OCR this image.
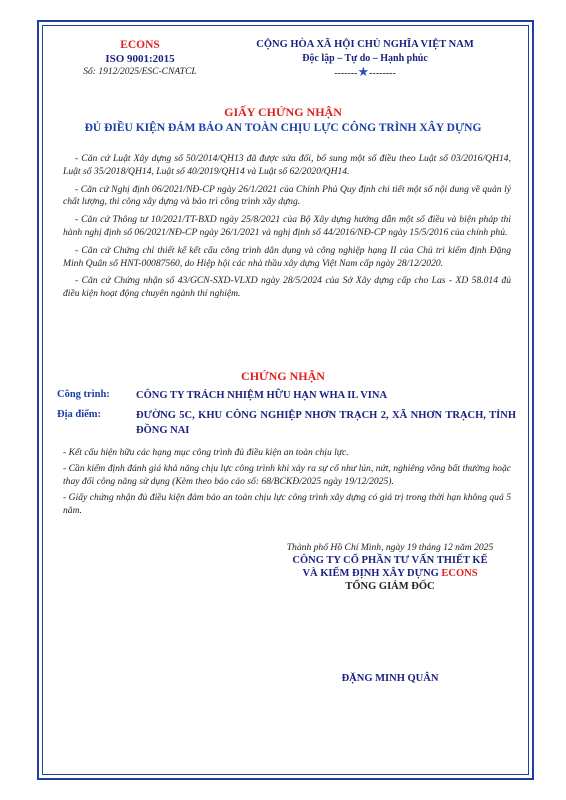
ECONS
ISO 9001:2015
Số: 1912/2025/ESC-CNATCL
CỘNG HÒA XÃ HỘI CHỦ NGHĨA VIỆT NAM
Độc lập – Tự do – Hạnh phúc
-------★--------
GIẤY CHỨNG NHẬN
ĐỦ ĐIỀU KIỆN ĐẢM BẢO AN TOÀN CHỊU LỰC CÔNG TRÌNH XÂY DỰNG

- Căn cứ Luật Xây dựng số 50/2014/QH13 đã được sửa đổi, bổ sung một số điều theo Luật số 03/2016/QH14, Luật số 35/2018/QH14, Luật số 40/2019/QH14 và Luật số 62/2020/QH14.

- Căn cứ Nghị định 06/2021/NĐ-CP ngày 26/1/2021 của Chính Phủ Quy định chi tiết một số nội dung về quản lý chất lượng, thi công xây dựng và bảo trì công trình xây dựng.

- Căn cứ Thông tư 10/2021/TT-BXD ngày 25/8/2021 của Bộ Xây dựng hướng dẫn một số điều và biện pháp thi hành nghị định số 06/2021/NĐ-CP ngày 26/1/2021 và nghị định số 44/2016/NĐ-CP ngày 15/5/2016 của chính phủ.

- Căn cứ Chứng chỉ thiết kế kết cấu công trình dân dụng và công nghiệp hạng II của Chủ trì kiểm định Đặng Minh Quân số HNT-00087560, do Hiệp hội các nhà thầu xây dựng Việt Nam cấp ngày 28/12/2020.

- Căn cứ Chứng nhận số 43/GCN-SXD-VLXD ngày 28/5/2024 của Sở Xây dựng cấp cho Las - XD 58.014 đủ điều kiện hoạt động chuyên ngành thí nghiệm.

CHỨNG NHẬN
Công trình: CÔNG TY TRÁCH NHIỆM HỮU HẠN WHA IL VINA
Địa điểm:	ĐƯỜNG 5C, KHU CÔNG NGHIỆP NHƠN TRẠCH 2, XÃ NHƠN TRẠCH, TỈNH ĐỒNG NAI

- Kết cấu hiện hữu các hạng mục công trình đủ điều kiện an toàn chịu lực.

- Cần kiểm định đánh giá khả năng chịu lực công trình khi xảy ra sự cố như lún, nứt, nghiêng võng bất thường hoặc thay đổi công năng sử dụng (Kèm theo báo cáo số: 68/BCKĐ/2025 ngày 19/12/2025).

- Giấy chứng nhận đủ điều kiện đảm bảo an toàn chịu lực công trình xây dựng có giá trị trong thời hạn không quá 5 năm.

Thành phố Hồ Chí Minh, ngày 19 tháng 12 năm 2025
CÔNG TY CỔ PHẦN TƯ VẤN THIẾT KẾ
VÀ KIỂM ĐỊNH XÂY DỰNG ECONS
TỔNG GIÁM ĐỐC
ĐẶNG MINH QUÂN
